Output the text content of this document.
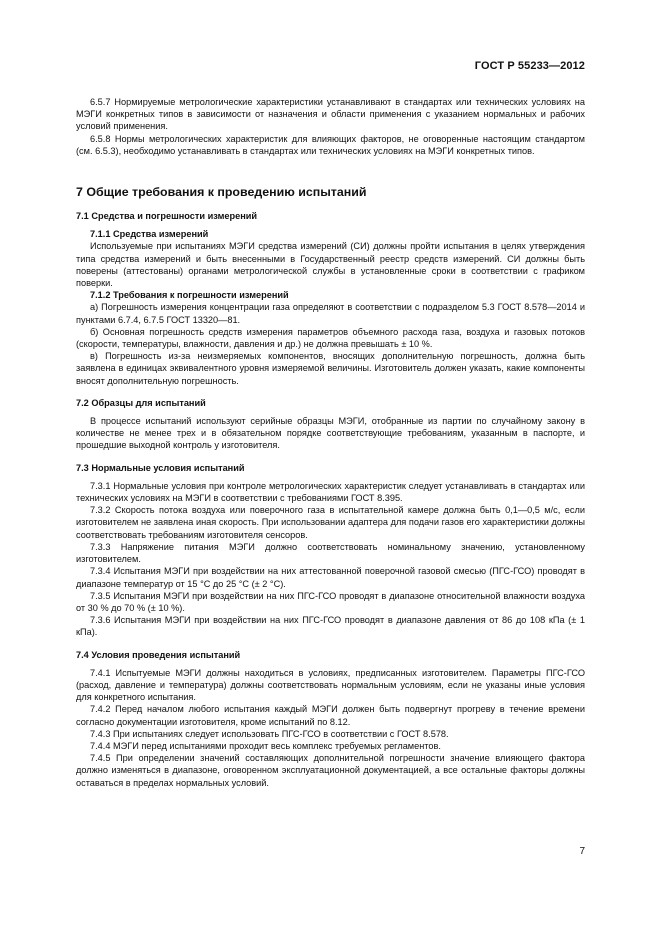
ГОСТ Р 55233—2012

6.5.7 Нормируемые метрологические характеристики устанавливают в стандартах или технических условиях на МЭГИ конкретных типов в зависимости от назначения и области применения с указанием нормальных и рабочих условий применения.

6.5.8 Нормы метрологических характеристик для влияющих факторов, не оговоренные настоящим стандартом (см. 6.5.3), необходимо устанавливать в стандартах или технических условиях на МЭГИ конкретных типов.

7 Общие требования к проведению испытаний
7.1 Средства и погрешности измерений

7.1.1 Средства измерений

Используемые при испытаниях МЭГИ средства измерений (СИ) должны пройти испытания в целях утверждения типа средства измерений и быть внесенными в Государственный реестр средств измерений. СИ должны быть поверены (аттестованы) органами метрологической службы в установленные сроки в соответствии с графиком поверки.

7.1.2 Требования к погрешности измерений

а) Погрешность измерения концентрации газа определяют в соответствии с подразделом 5.3 ГОСТ 8.578—2014 и пунктами 6.7.4, 6.7.5 ГОСТ 13320—81.

б) Основная погрешность средств измерения параметров объемного расхода газа, воздуха и газовых потоков (скорости, температуры, влажности, давления и др.) не должна превышать ± 10 %.

в) Погрешность из-за неизмеряемых компонентов, вносящих дополнительную погрешность, должна быть заявлена в единицах эквивалентного уровня измеряемой величины. Изготовитель должен указать, какие компоненты вносят дополнительную погрешность.

7.2 Образцы для испытаний

В процессе испытаний используют серийные образцы МЭГИ, отобранные из партии по случайному закону в количестве не менее трех и в обязательном порядке соответствующие требованиям, указанным в паспорте, и прошедшие выходной контроль у изготовителя.

7.3 Нормальные условия испытаний

7.3.1 Нормальные условия при контроле метрологических характеристик следует устанавливать в стандартах или технических условиях на МЭГИ в соответствии с требованиями ГОСТ 8.395.

7.3.2 Скорость потока воздуха или поверочного газа в испытательной камере должна быть 0,1—0,5 м/с, если изготовителем не заявлена иная скорость. При использовании адаптера для подачи газов его характеристики должны соответствовать требованиям изготовителя сенсоров.

7.3.3 Напряжение питания МЭГИ должно соответствовать номинальному значению, установленному изготовителем.

7.3.4 Испытания МЭГИ при воздействии на них аттестованной поверочной газовой смесью (ПГС-ГСО) проводят в диапазоне температур от 15 °С до 25 °С (± 2 °С).

7.3.5 Испытания МЭГИ при воздействии на них ПГС-ГСО проводят в диапазоне относительной влажности воздуха от 30 % до 70 % (± 10 %).

7.3.6 Испытания МЭГИ при воздействии на них ПГС-ГСО проводят в диапазоне давления от 86 до 108 кПа (± 1 кПа).

7.4 Условия проведения испытаний

7.4.1 Испытуемые МЭГИ должны находиться в условиях, предписанных изготовителем. Параметры ПГС-ГСО (расход, давление и температура) должны соответствовать нормальным условиям, если не указаны иные условия для конкретного испытания.

7.4.2 Перед началом любого испытания каждый МЭГИ должен быть подвергнут прогреву в течение времени согласно документации изготовителя, кроме испытаний по 8.12.

7.4.3 При испытаниях следует использовать ПГС-ГСО в соответствии с ГОСТ 8.578.

7.4.4 МЭГИ перед испытаниями проходит весь комплекс требуемых регламентов.

7.4.5 При определении значений составляющих дополнительной погрешности значение влияющего фактора должно изменяться в диапазоне, оговоренном эксплуатационной документацией, а все остальные факторы должны оставаться в пределах нормальных условий.

7
